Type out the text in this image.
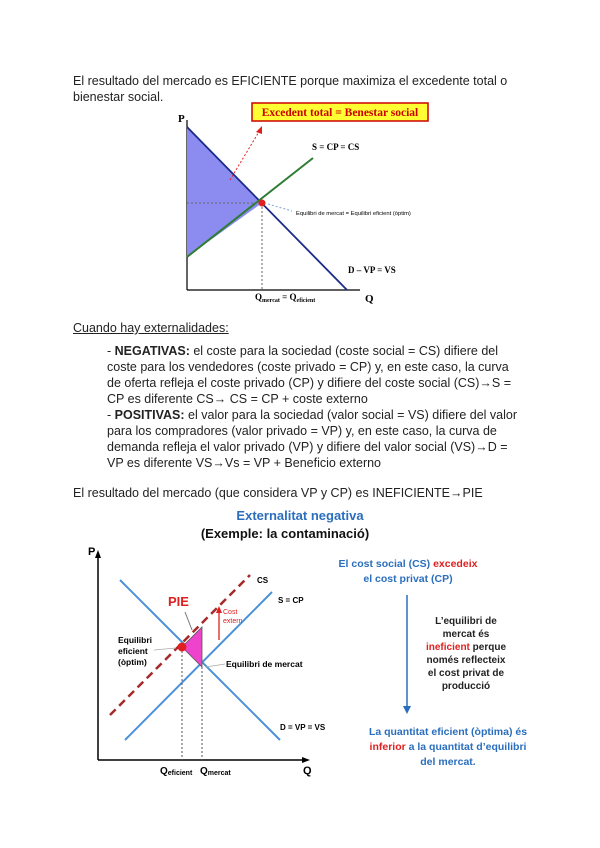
El resultado del mercado es EFICIENTE porque maximiza el excedente total o bienestar social.
Excedent total = Benestar social
P
Q
Equilibri de mercat = Equilibri eficient (òptim)
S = CP = CS
D – VP = VS
$Q_{mercat} = Q_{eficient}$
Cuando hay externalidades:
- NEGATIVAS: el coste para la sociedad (coste social = CS) difiere del coste para los vendedores (coste privado = CP) y, en este caso, la curva de oferta refleja el coste privado (CP) y difiere del coste social (CS)→S = CP es diferente CS→ CS = CP + coste externo
- POSITIVAS: el valor para la sociedad (valor social = VS) difiere del valor para los compradores (valor privado = VP) y, en este caso, la curva de demanda refleja el valor privado (VP) y difiere del valor social (VS)→D = VP es diferente VS→Vs = VP + Beneficio externo
El resultado del mercado (que considera VP y CP) es INEFICIENTE→PIE
Externalitat negativa
(Exemple: la contaminació)
P
Q
Cost
extern
PIE
Equilibri
eficient
(òptim)	Equilibri de mercat
CS
S = CP
D = VP = VS
Qeficient Qmercat
El cost social (CS) excedeix
el cost privat (CP)
L’equilibri de
mercat és
ineficient perque
només reflecteix
el cost privat de
producció
La quantitat eficient (òptima) és
inferior a la quantitat d’equilibri
del mercat.
